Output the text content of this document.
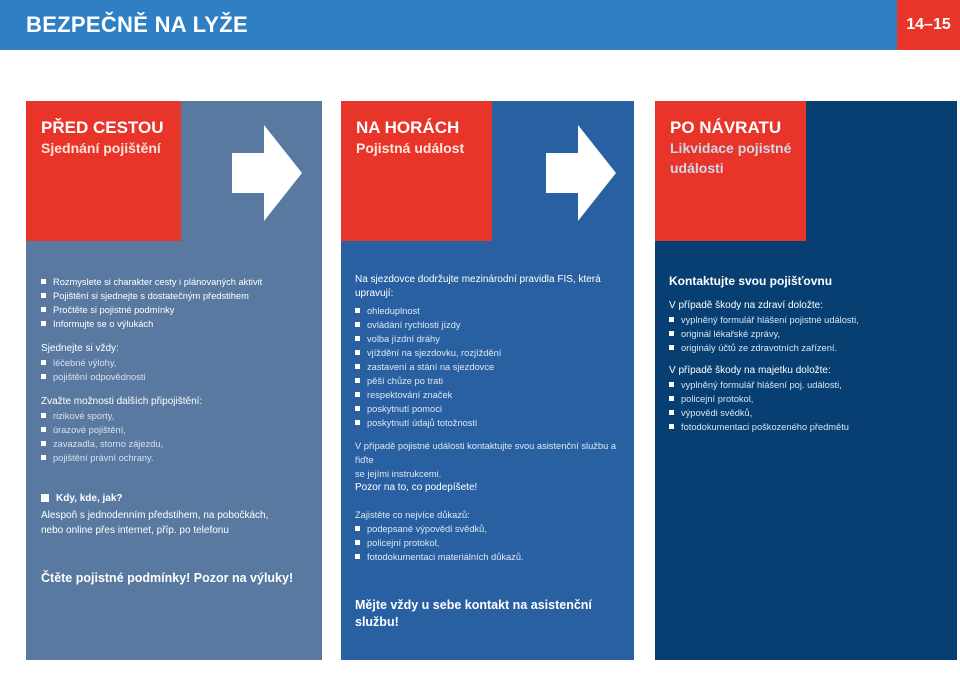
BEZPEČNĚ NA LYŽE	14–15
PŘED CESTOU
Sjednání pojištění
Rozmyslete si charakter cesty i plánovaných aktivit
Pojištění si sjednejte s dostatečným předstihem
Pročtěte si pojistné podmínky
Informujte se o výlukách
Sjednejte si vždy:
léčebné výlohy,
pojištění odpovědnosti
Zvažte možnosti dalších připojištění:
rizikové sporty,
úrazové pojištění,
zavazadla, storno zájezdu,
pojištění právní ochrany.
Kdy, kde, jak?
Alespoň s jednodenním předstihem, na pobočkách,
nebo online přes internet, příp. po telefonu
Čtěte pojistné podmínky! Pozor na výluky!
NA HORÁCH
Pojistná událost
Na sjezdovce dodržujte mezinárodní pravidla FIS, která
upravují:
ohleduplnost
ovládání rychlosti jízdy
volba jízdní dráhy
vjíždění na sjezdovku, rozjíždění
zastavení a stání na sjezdovce
pěší chůze po trati
respektování značek
poskytnutí pomoci
poskytnutí údajů totožnosti
V případě pojistné události kontaktujte svou asistenční službu a řiďte
se jejími instrukcemi.
Pozor na to, co podepíšete!
Zajistěte co nejvíce důkazů:
podepsané výpovědi svědků,
policejní protokol,
fotodokumentaci materiálních důkazů.
Mějte vždy u sebe kontakt na asistenční
službu!
PO NÁVRATU
Likvidace pojistné události
Kontaktujte svou pojišťovnu
V případě škody na zdraví doložte:
vyplněný formulář hlášení pojistné události,
originál lékařské zprávy,
originály účtů ze zdravotních zařízení.
V případě škody na majetku doložte:
vyplněný formulář hlášení poj. události,
policejní protokol,
výpovědi svědků,
fotodokumentaci poškozeného předmětu
